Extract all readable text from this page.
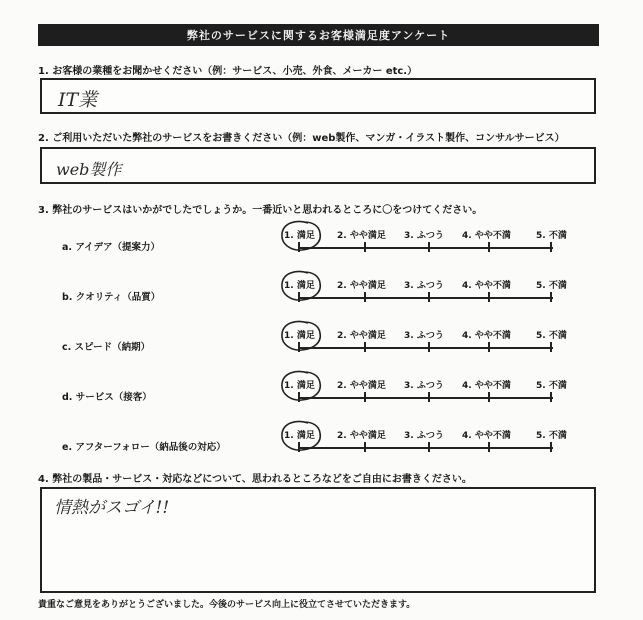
弊社のサービスに関するお客様満足度アンケート
1. お客様の業種をお聞かせください（例：サービス、小売、外食、メーカー etc.）
IT業
2. ご利用いただいた弊社のサービスをお書きください（例：web製作、マンガ・イラスト製作、コンサルサービス）
web製作
3. 弊社のサービスはいかがでしたでしょうか。一番近いと思われるところに〇をつけてください。
a. アイデア（提案力）
1. 満足 2. やや満足 3. ふつう 4. やや不満	5. 不満
b. クオリティ（品質）
1. 満足 2. やや満足 3. ふつう 4. やや不満	5. 不満
c. スピード（納期）
1. 満足 2. やや満足 3. ふつう 4. やや不満	5. 不満
d. サービス（接客）
1. 満足 2. やや満足 3. ふつう 4. やや不満	5. 不満
e. アフターフォロー（納品後の対応）
1. 満足 2. やや満足 3. ふつう 4. やや不満	5. 不満
4. 弊社の製品・サービス・対応などについて、思われるところなどをご自由にお書きください。
情熱がスゴイ!!
貴重なご意見をありがとうございました。今後のサービス向上に役立てさせていただきます。
